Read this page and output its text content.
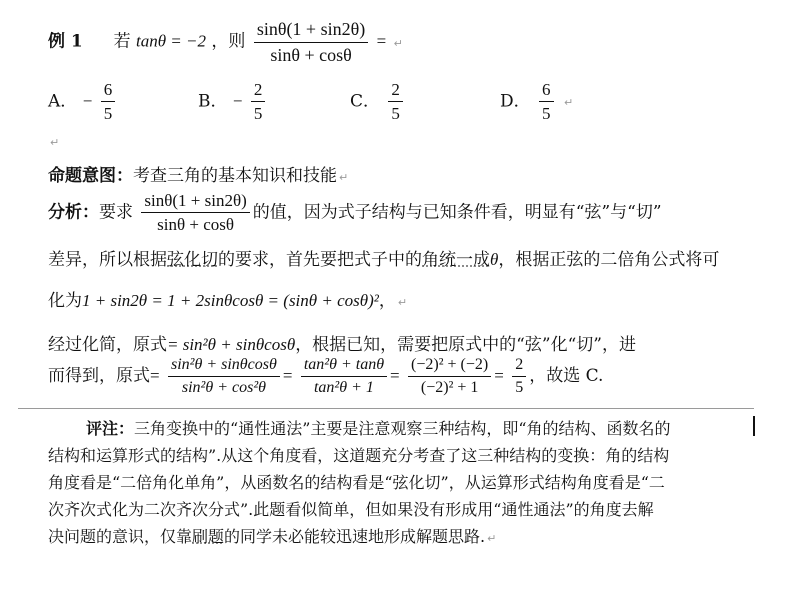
例 1 若 tanθ = −2 ，则 $\frac{\sin\theta(1 + \sin 2\theta)}{\sin\theta + \cos\theta}$ = ↵
A． − $\frac{6}{5}$	B． − $\frac{2}{5}$	C． $\frac{2}{5}$	D． $\frac{6}{5}$ ↵
↵

命题意图：考查三角的基本知识和技能 ↵

分析：要求 $\frac{\sin\theta(1 + \sin 2\theta)}{\sin\theta + \cos\theta}$ 的值，因为式子结构与已知条件看，明显有“弦”与“切”

差异，所以根据弦化切的要求，首先要把式子中的角统一成θ，根据正弦的二倍角公式将可

化为1 + sin2θ = 1 + 2sinθcosθ = (sinθ + cosθ)²， ↵

经过化简，原式= sin²θ + sinθcosθ，根据已知，需要把原式中的“弦”化“切”，进

而得到，原式= $\frac{\text{sin²θ + sinθcosθ}}{\text{sin²θ + cos²θ}} = \frac{\text{tan²θ + tanθ}}{\text{tan²θ + 1}} = \frac{\text{(−2)² + (−2)}}{\text{(−2)² + 1}} = \frac{2}{5}$ ，故选 C.

评注：三角变换中的“通性通法”主要是注意观察三种结构，即“角的结构、函数名的

结构和运算形式的结构”.从这个角度看，这道题充分考查了这三种结构的变换：角的结构

角度看是“二倍角化单角”，从函数名的结构看是“弦化切”，从运算形式结构角度看是“二

次齐次式化为二次齐次分式”.此题看似简单，但如果没有形成用“通性通法”的角度去解

决问题的意识，仅靠刷题的同学未必能较迅速地形成解题思路. ↵
